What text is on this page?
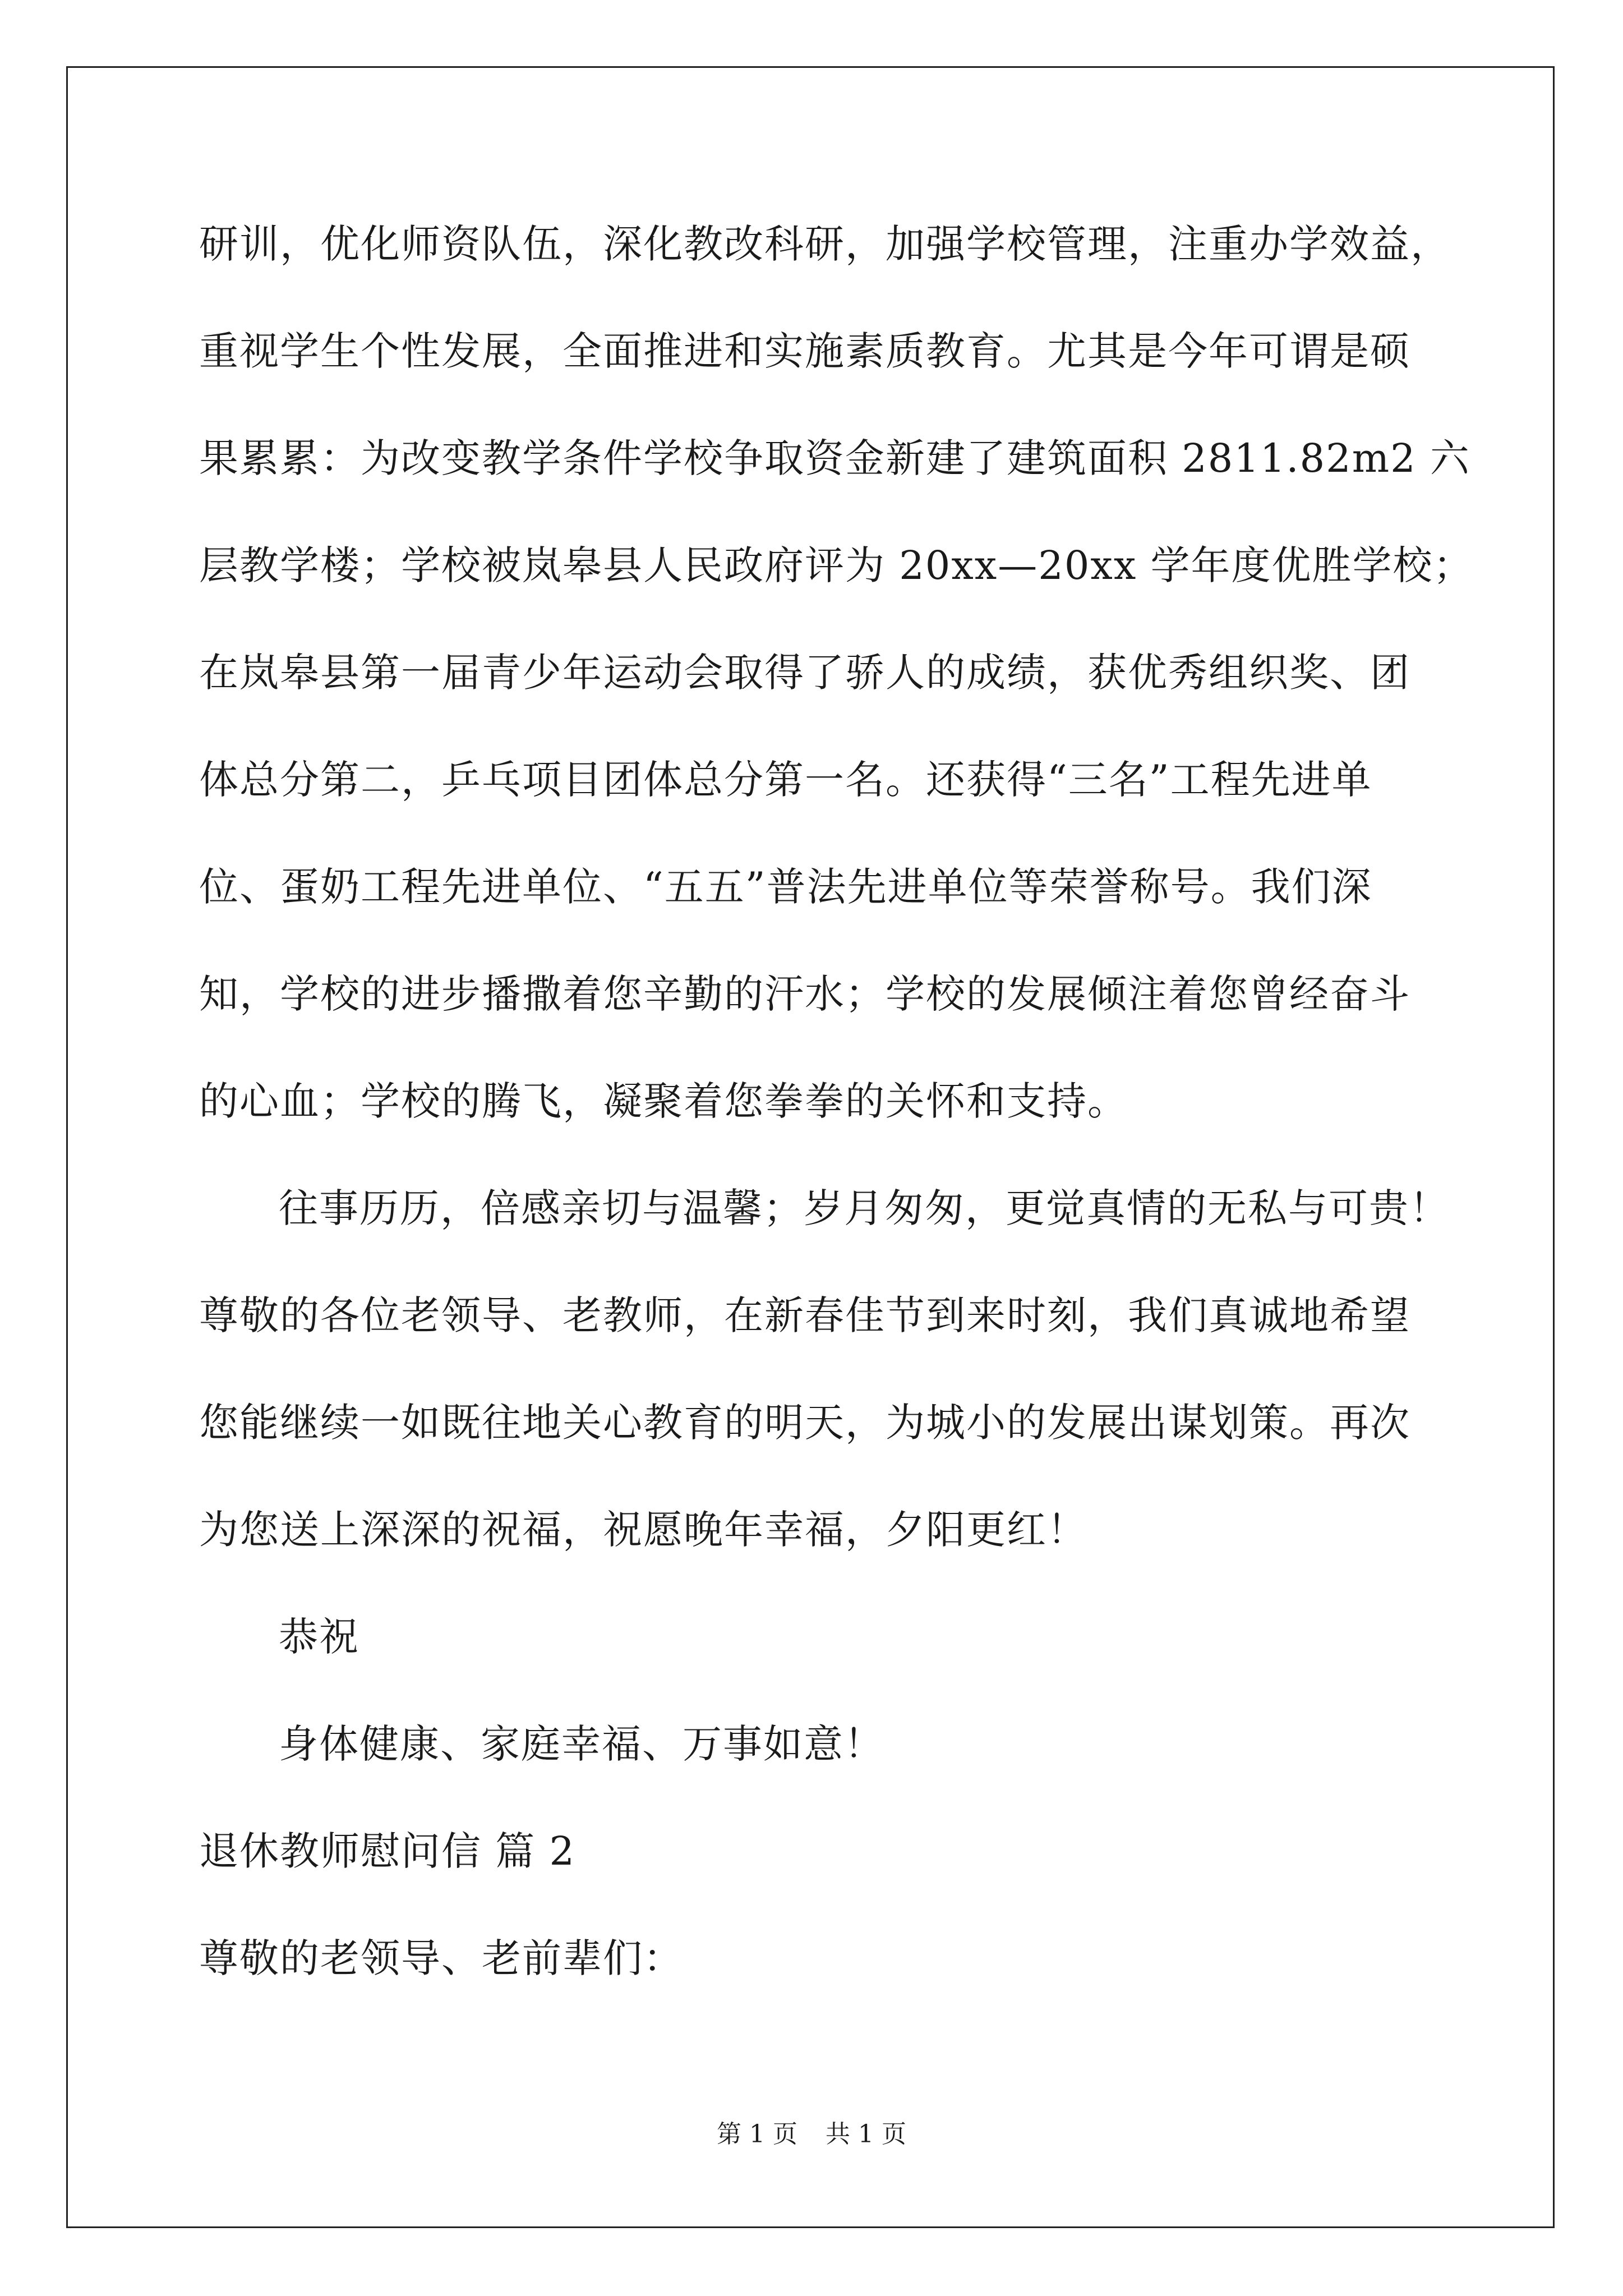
研训，优化师资队伍，深化教改科研，加强学校管理，注重办学效益，
重视学生个性发展，全面推进和实施素质教育。尤其是今年可谓是硕
果累累：为改变教学条件学校争取资金新建了建筑面积 2811.82m2 六
层教学楼；学校被岚皋县人民政府评为 20xx—20xx 学年度优胜学校；
在岚皋县第一届青少年运动会取得了骄人的成绩，获优秀组织奖、团
体总分第二，乒乓项目团体总分第一名。还获得“三名”工程先进单
位、蛋奶工程先进单位、“五五”普法先进单位等荣誉称号。我们深
知，学校的进步播撒着您辛勤的汗水；学校的发展倾注着您曾经奋斗
的心血；学校的腾飞，凝聚着您拳拳的关怀和支持。
往事历历，倍感亲切与温馨；岁月匆匆，更觉真情的无私与可贵！
尊敬的各位老领导、老教师，在新春佳节到来时刻，我们真诚地希望
您能继续一如既往地关心教育的明天，为城小的发展出谋划策。再次
为您送上深深的祝福，祝愿晚年幸福，夕阳更红！
恭祝
身体健康、家庭幸福、万事如意！
退休教师慰问信 篇 2
尊敬的老领导、老前辈们：
第 1 页 共 1 页
